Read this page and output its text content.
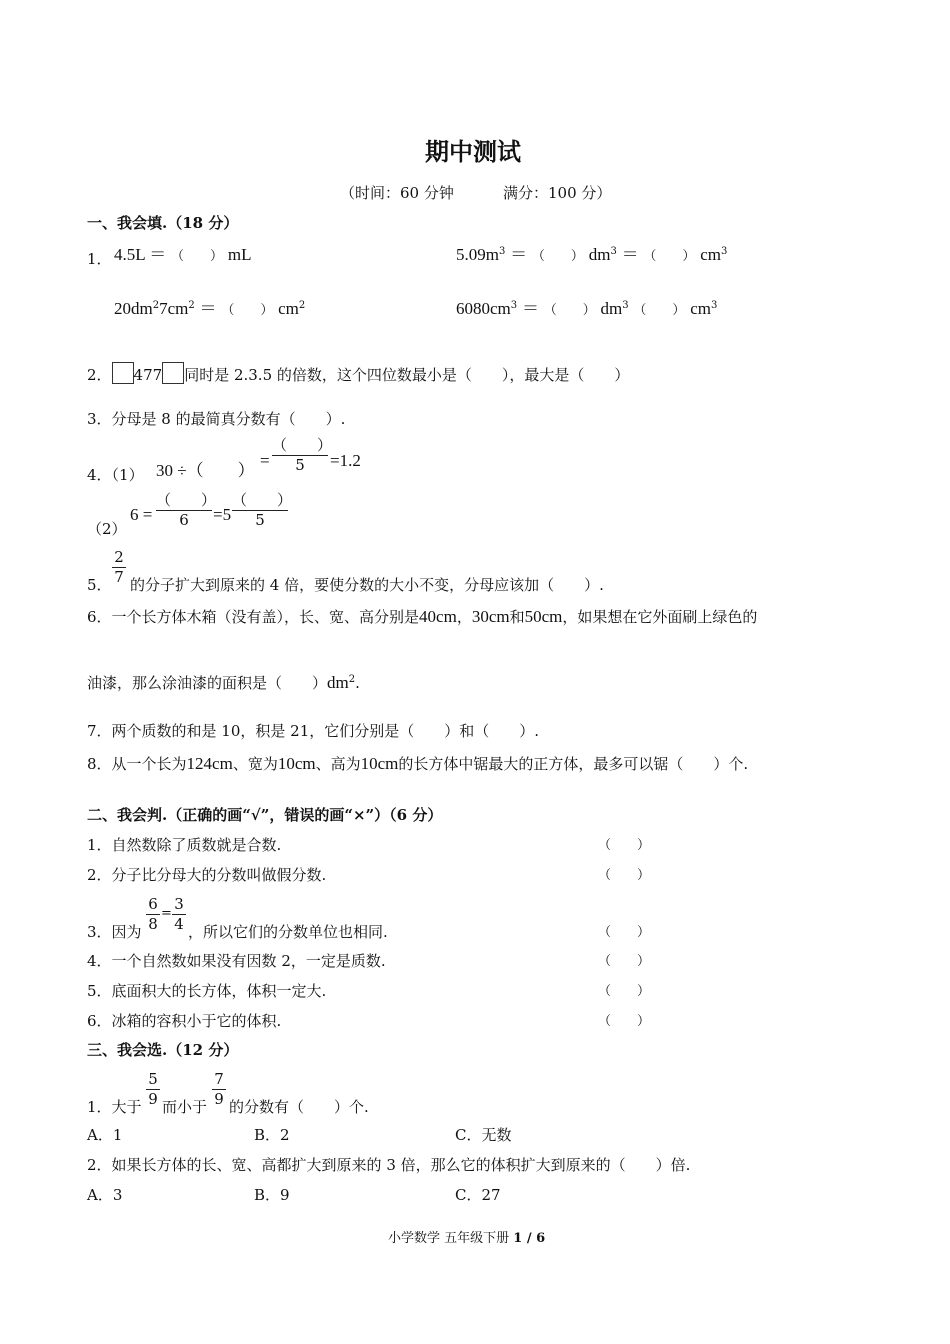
期中测试
（时间：60 分钟	满分：100 分）
一、我会填.（18 分）
1． 4.5L ＝ （　　） mL	$5.09m^3$ ＝ （　　） $dm^3$ ＝ （　　） $cm^3$
$20dm^27cm^2$ ＝ （　　） $cm^2$	$6080cm^3$ ＝ （　　） $dm^3$ （　　） $cm^3$
2． 477 同时是 2.3.5 的倍数，这个四位数最小是（　　），最大是（　　）
3．分母是 8 的最简真分数有（　　）.
4．（1） 30 ÷（　　）
=
（　　）
5	=1.2
（2）
6 =
（　　）
6	=5
（　　）
5
2
7
5． 的分子扩大到原来的 4 倍，要使分数的大小不变，分母应该加（　　）.
6．一个长方体木箱（没有盖），长、宽、高分别是40cm，30cm和50cm，如果想在它外面刷上绿色的
油漆，那么涂油漆的面积是（　　）$dm^2$.
7．两个质数的和是 10，积是 21，它们分别是（　　）和（　　）.
8．从一个长为124cm、宽为10cm、高为10cm的长方体中锯最大的正方体，最多可以锯（　　）个.
二、我会判.（正确的画“√”，错误的画“×”）（6 分）
1．自然数除了质数就是合数.	（　　）
2．分子比分母大的分数叫做假分数.	（　　）
3．因为
6
8
=
3
4 ，所以它们的分数单位也相同.	（　　）
4．一个自然数如果没有因数 2，一定是质数.	（　　）
5．底面积大的长方体，体积一定大.	（　　）
6．冰箱的容积小于它的体积.	（　　）
三、我会选.（12 分）
1．大于
5
9 而小于
7
9 的分数有（　　）个.
A．1	B．2	C．无数
2．如果长方体的长、宽、高都扩大到原来的 3 倍，那么它的体积扩大到原来的（　　）倍.
A．3	B．9	C．27
小学数学 五年级下册 1 / 6
